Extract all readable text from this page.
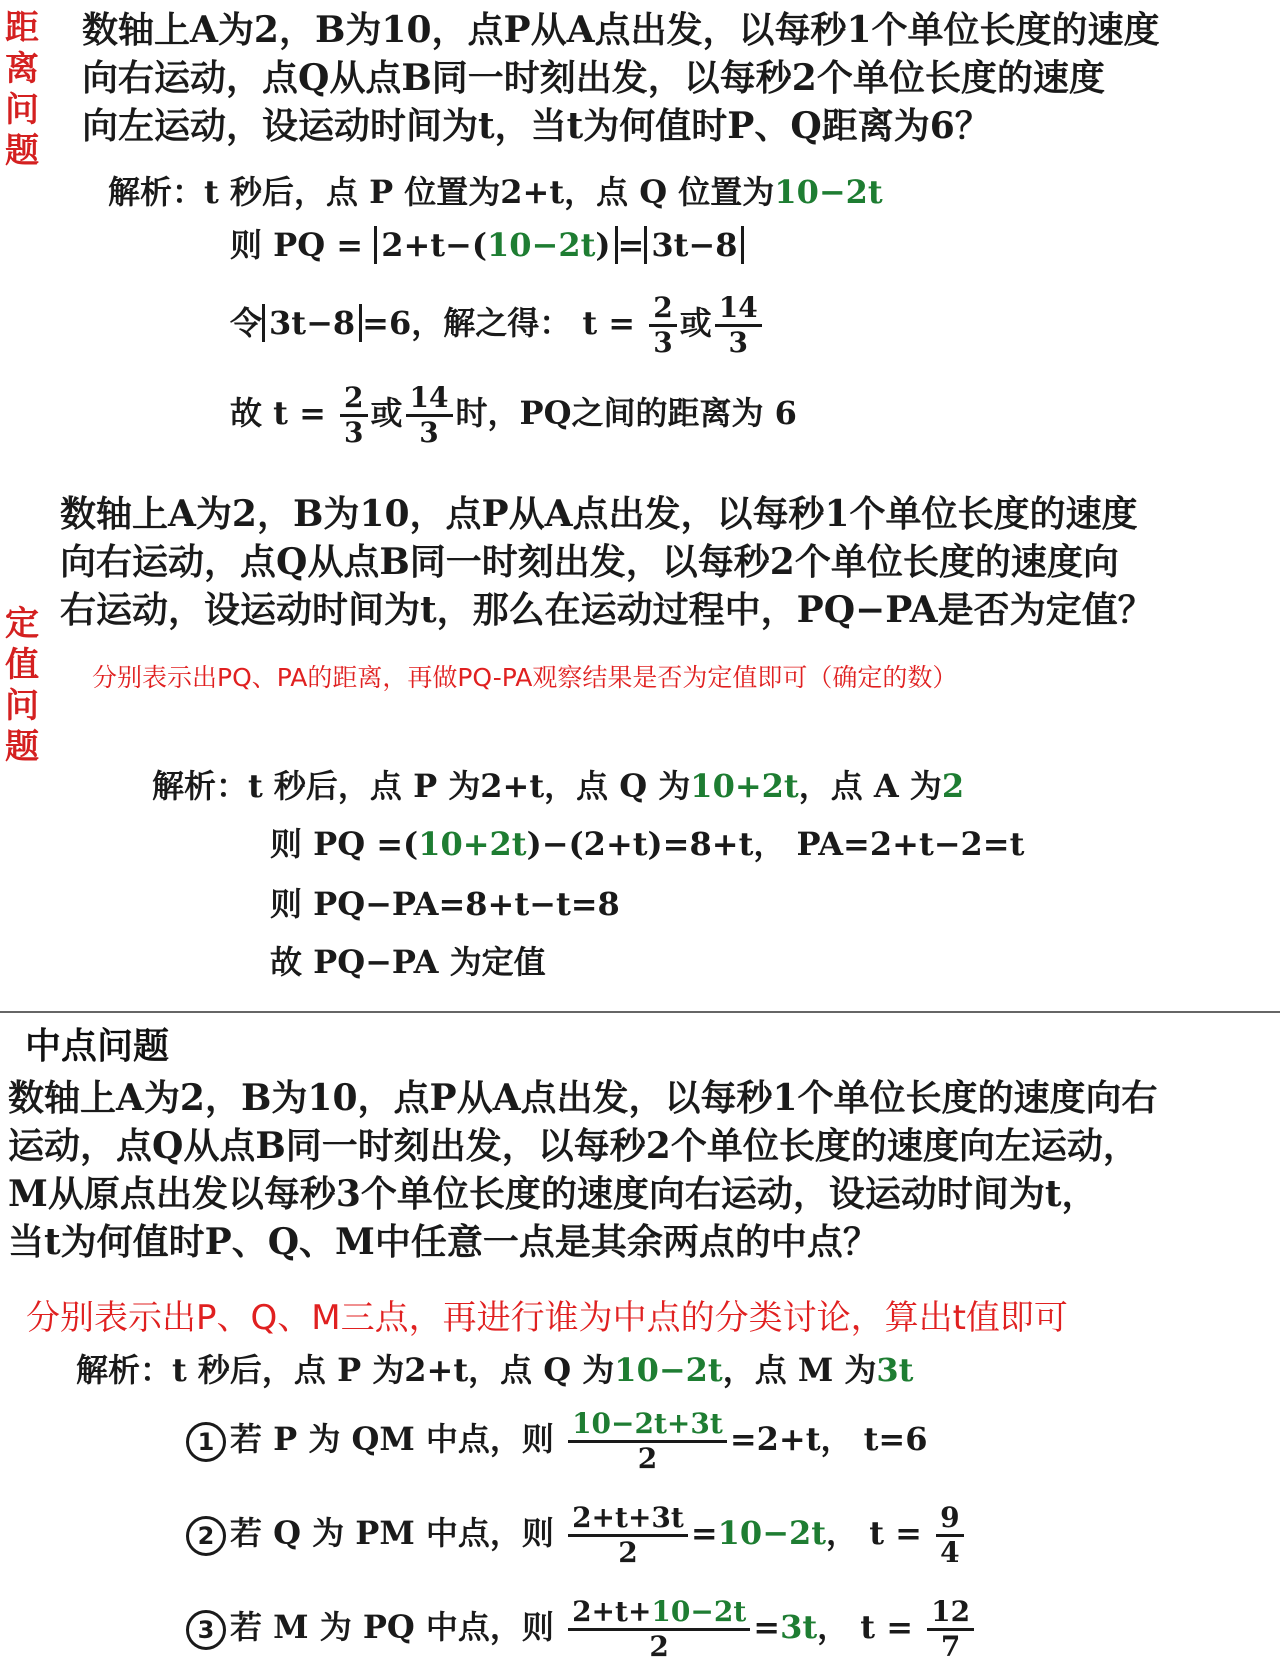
距离问题
数轴上A为2，B为10，点P从A点出发，以每秒1个单位长度的速度
向右运动，点Q从点B同一时刻出发，以每秒2个单位长度的速度
向左运动，设运动时间为t，当t为何值时P、Q距离为6？
解析：t 秒后，点 P 位置为2+t，点 Q 位置为10−2t
则 PQ = 2+t−(10−2t) = 3t−8
令 3t−8 =6，解之得： $t = \frac{2}{3}$ 或 $\frac{14}{3}$
故 $t = \frac{2}{3}$ 或 $\frac{14}{3}$ 时，PQ之间的距离为 6
定值问题
数轴上A为2，B为10，点P从A点出发，以每秒1个单位长度的速度
向右运动，点Q从点B同一时刻出发，以每秒2个单位长度的速度向
右运动，设运动时间为t，那么在运动过程中，PQ−PA是否为定值？
分别表示出PQ、PA的距离，再做PQ-PA观察结果是否为定值即可（确定的数）
解析：t 秒后，点 P 为2+t，点 Q 为10+2t，点 A 为2
则 PQ =(10+2t)−(2+t)=8+t， PA=2+t−2=t
则 PQ−PA=8+t−t=8
故 PQ−PA 为定值
中点问题
数轴上A为2，B为10，点P从A点出发，以每秒1个单位长度的速度向右
运动，点Q从点B同一时刻出发，以每秒2个单位长度的速度向左运动，
M从原点出发以每秒3个单位长度的速度向右运动，设运动时间为t，
当t为何值时P、Q、M中任意一点是其余两点的中点？
分别表示出P、Q、M三点，再进行谁为中点的分类讨论，算出t值即可
解析：t 秒后，点 P 为2+t，点 Q 为10−2t，点 M 为3t
1 若 P 为 QM 中点，则 $\frac{10-2t+3t}{2} =2+t$， t=6
2 若 Q 为 PM 中点，则 $\frac{2+t+3t}{2} =10-2t$， $t = \frac{9}{4}$
3 若 M 为 PQ 中点，则 $\frac{2+t+10-2t}{2} =3t$， $t = \frac{12}{7}$
